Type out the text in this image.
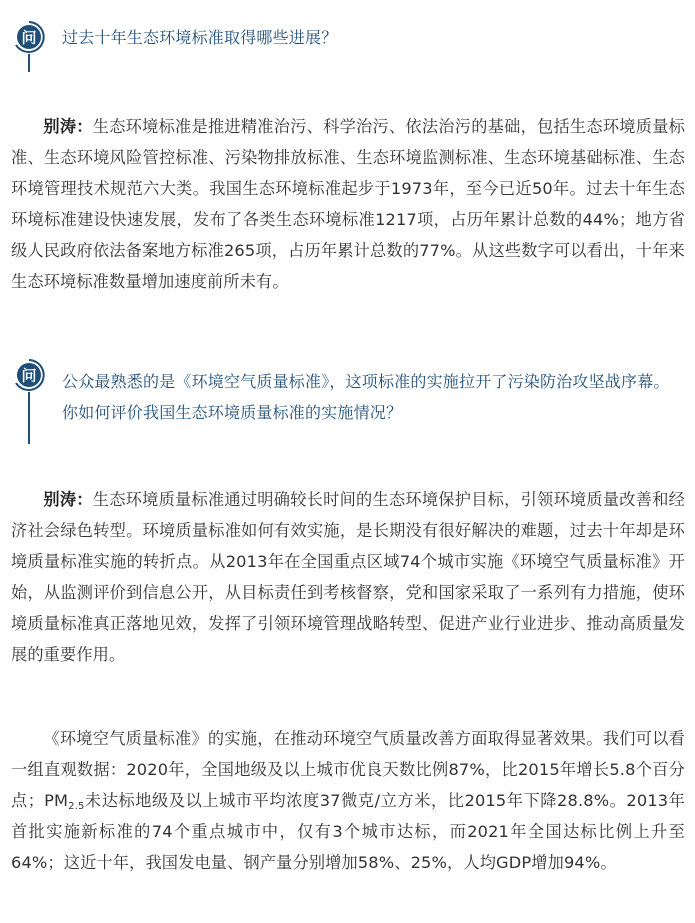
问 过去十年生态环境标准取得哪些进展？

别涛：生态环境标准是推进精准治污、科学治污、依法治污的基础，包括生态环境质量标准、生态环境风险管控标准、污染物排放标准、生态环境监测标准、生态环境基础标准、生态环境管理技术规范六大类。我国生态环境标准起步于1973年，至今已近50年。过去十年生态环境标准建设快速发展，发布了各类生态环境标准1217项，占历年累计总数的44%；地方省级人民政府依法备案地方标准265项，占历年累计总数的77%。从这些数字可以看出，十年来生态环境标准数量增加速度前所未有。

问 公众最熟悉的是《环境空气质量标准》，这项标准的实施拉开了污染防治攻坚战序幕。你如何评价我国生态环境质量标准的实施情况？

别涛：生态环境质量标准通过明确较长时间的生态环境保护目标，引领环境质量改善和经济社会绿色转型。环境质量标准如何有效实施，是长期没有很好解决的难题，过去十年却是环境质量标准实施的转折点。从2013年在全国重点区域74个城市实施《环境空气质量标准》开始，从监测评价到信息公开，从目标责任到考核督察，党和国家采取了一系列有力措施，使环境质量标准真正落地见效，发挥了引领环境管理战略转型、促进产业行业进步、推动高质量发展的重要作用。

《环境空气质量标准》的实施，在推动环境空气质量改善方面取得显著效果。我们可以看一组直观数据：2020年，全国地级及以上城市优良天数比例87%，比2015年增长5.8个百分点；$PM_{2.5}$未达标地级及以上城市平均浓度37微克/立方米，比2015年下降28.8%。2013年首批实施新标准的74个重点城市中，仅有3个城市达标，而2021年全国达标比例上升至64%；这近十年，我国发电量、钢产量分别增加58%、25%，人均GDP增加94%。
